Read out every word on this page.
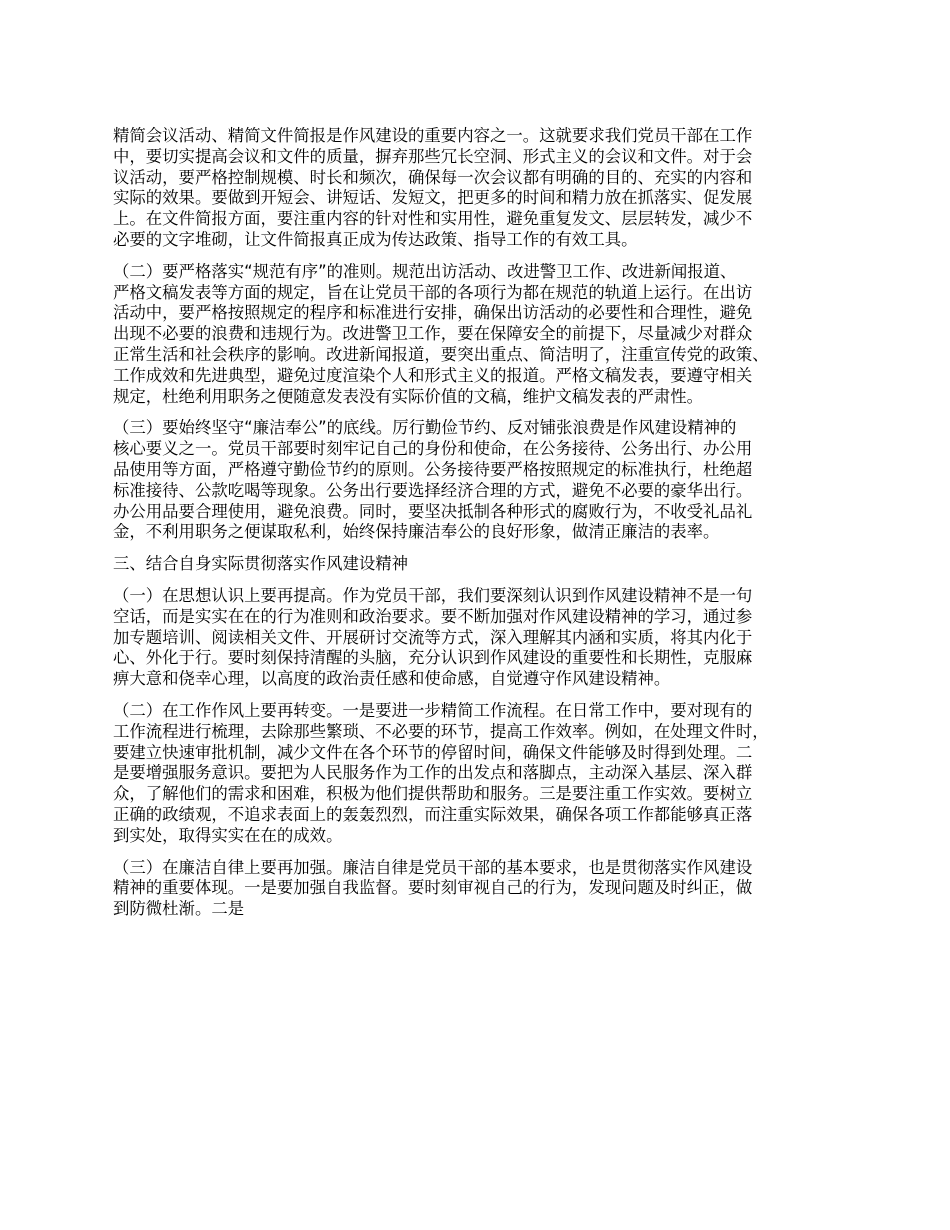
精简会议活动、精简文件简报是作风建设的重要内容之一。这就要求我们党员干部在工作
中，要切实提高会议和文件的质量，摒弃那些冗长空洞、形式主义的会议和文件。对于会
议活动，要严格控制规模、时长和频次，确保每一次会议都有明确的目的、充实的内容和
实际的效果。要做到开短会、讲短话、发短文，把更多的时间和精力放在抓落实、促发展
上。在文件简报方面，要注重内容的针对性和实用性，避免重复发文、层层转发，减少不
必要的文字堆砌，让文件简报真正成为传达政策、指导工作的有效工具。

（二）要严格落实“规范有序”的准则。规范出访活动、改进警卫工作、改进新闻报道、
严格文稿发表等方面的规定，旨在让党员干部的各项行为都在规范的轨道上运行。在出访
活动中，要严格按照规定的程序和标准进行安排，确保出访活动的必要性和合理性，避免
出现不必要的浪费和违规行为。改进警卫工作，要在保障安全的前提下，尽量减少对群众
正常生活和社会秩序的影响。改进新闻报道，要突出重点、简洁明了，注重宣传党的政策、
工作成效和先进典型，避免过度渲染个人和形式主义的报道。严格文稿发表，要遵守相关
规定，杜绝利用职务之便随意发表没有实际价值的文稿，维护文稿发表的严肃性。

（三）要始终坚守“廉洁奉公”的底线。厉行勤俭节约、反对铺张浪费是作风建设精神的
核心要义之一。党员干部要时刻牢记自己的身份和使命，在公务接待、公务出行、办公用
品使用等方面，严格遵守勤俭节约的原则。公务接待要严格按照规定的标准执行，杜绝超
标准接待、公款吃喝等现象。公务出行要选择经济合理的方式，避免不必要的豪华出行。
办公用品要合理使用，避免浪费。同时，要坚决抵制各种形式的腐败行为，不收受礼品礼
金，不利用职务之便谋取私利，始终保持廉洁奉公的良好形象，做清正廉洁的表率。

三、结合自身实际贯彻落实作风建设精神

（一）在思想认识上要再提高。作为党员干部，我们要深刻认识到作风建设精神不是一句
空话，而是实实在在的行为准则和政治要求。要不断加强对作风建设精神的学习，通过参
加专题培训、阅读相关文件、开展研讨交流等方式，深入理解其内涵和实质，将其内化于
心、外化于行。要时刻保持清醒的头脑，充分认识到作风建设的重要性和长期性，克服麻
痹大意和侥幸心理，以高度的政治责任感和使命感，自觉遵守作风建设精神。

（二）在工作作风上要再转变。一是要进一步精简工作流程。在日常工作中，要对现有的
工作流程进行梳理，去除那些繁琐、不必要的环节，提高工作效率。例如，在处理文件时，
要建立快速审批机制，减少文件在各个环节的停留时间，确保文件能够及时得到处理。二
是要增强服务意识。要把为人民服务作为工作的出发点和落脚点，主动深入基层、深入群
众，了解他们的需求和困难，积极为他们提供帮助和服务。三是要注重工作实效。要树立
正确的政绩观，不追求表面上的轰轰烈烈，而注重实际效果，确保各项工作都能够真正落
到实处，取得实实在在的成效。

（三）在廉洁自律上要再加强。廉洁自律是党员干部的基本要求，也是贯彻落实作风建设
精神的重要体现。一是要加强自我监督。要时刻审视自己的行为，发现问题及时纠正，做
到防微杜渐。二是
